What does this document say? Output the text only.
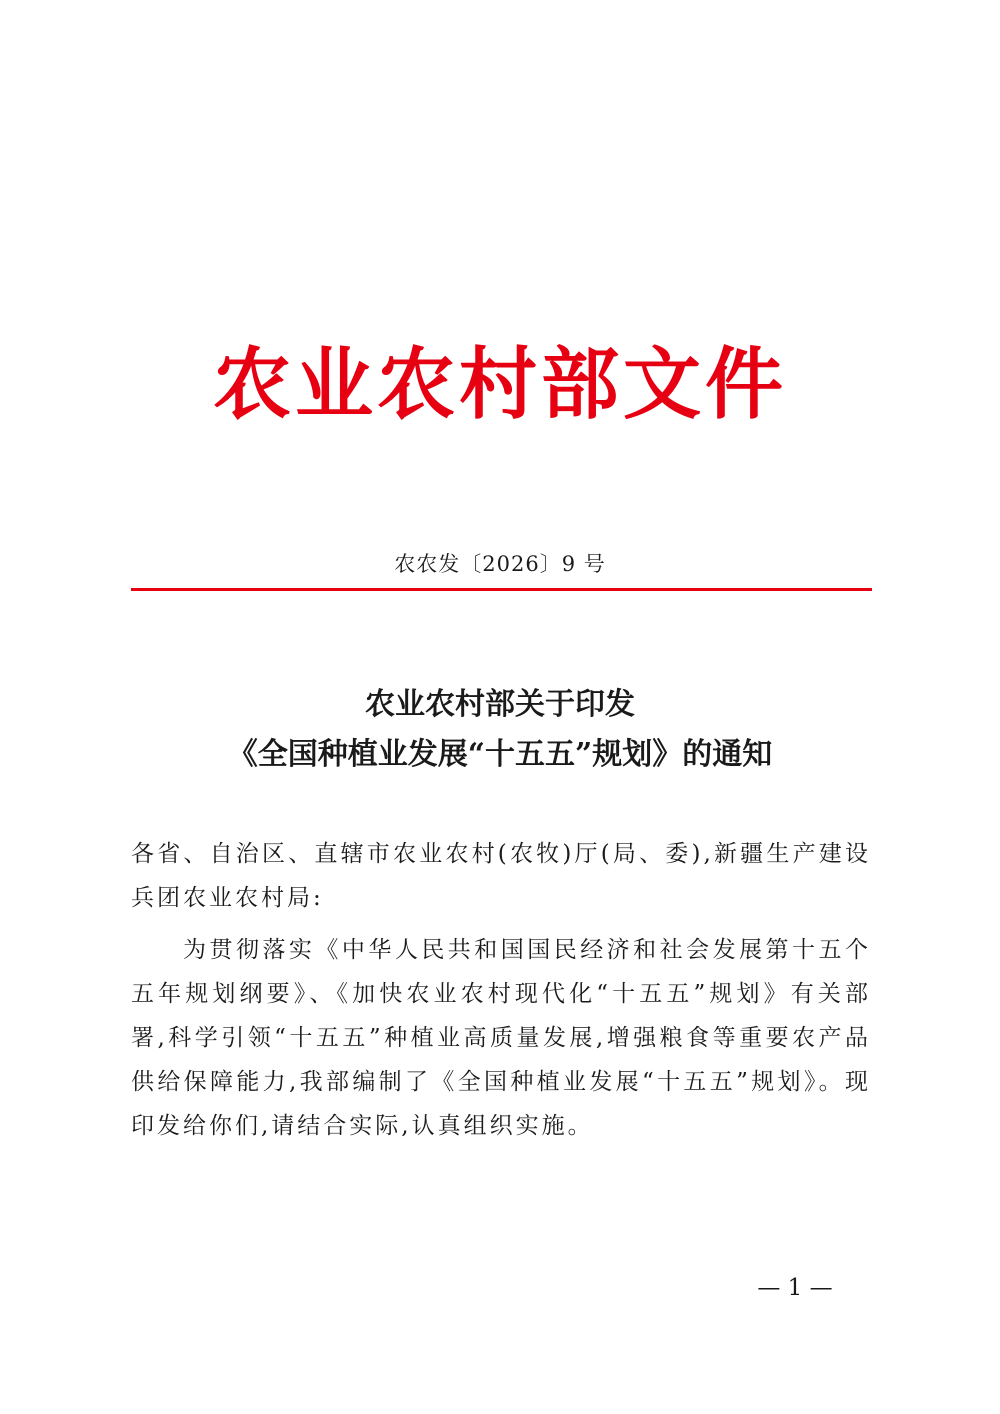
农业农村部文件
农农发〔2026〕9 号
农业农村部关于印发
《全国种植业发展“十五五”规划》的通知

各省、自治区、直辖市农业农村(农牧)厅(局、委),新疆生产建设兵团农业农村局:

为贯彻落实《中华人民共和国国民经济和社会发展第十五个五年规划纲要》、《加快农业农村现代化“十五五”规划》有关部署,科学引领“十五五”种植业高质量发展,增强粮食等重要农产品供给保障能力,我部编制了《全国种植业发展“十五五”规划》。现印发给你们,请结合实际,认真组织实施。

— 1 —
